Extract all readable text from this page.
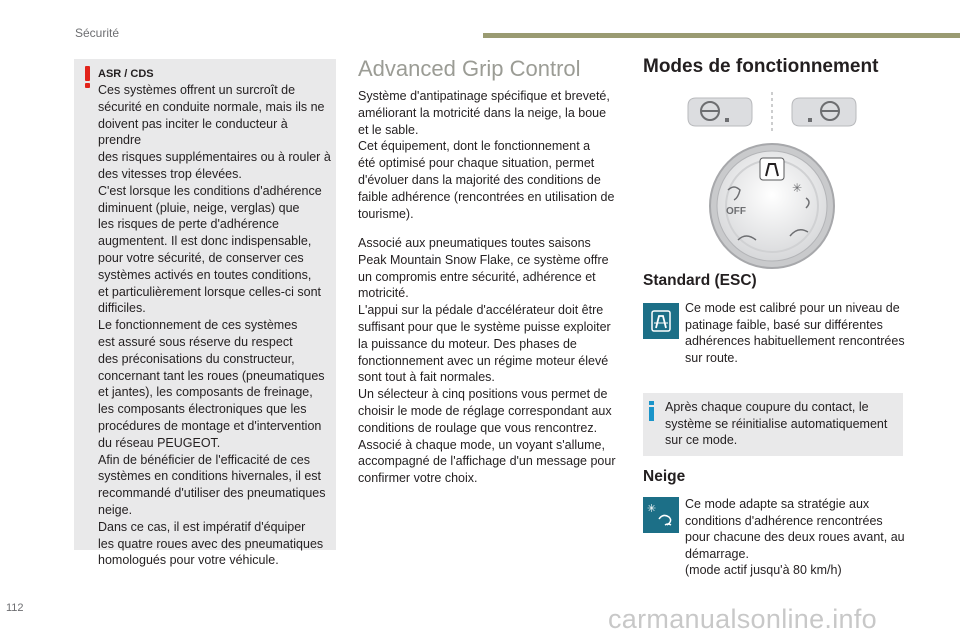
Sécurité
ASR / CDS
Ces systèmes offrent un surcroît de
sécurité en conduite normale, mais ils ne
doivent pas inciter le conducteur à prendre
des risques supplémentaires ou à rouler à
des vitesses trop élevées.
C'est lorsque les conditions d'adhérence
diminuent (pluie, neige, verglas) que
les risques de perte d'adhérence
augmentent. Il est donc indispensable,
pour votre sécurité, de conserver ces
systèmes activés en toutes conditions,
et particulièrement lorsque celles-ci sont
difficiles.
Le fonctionnement de ces systèmes
est assuré sous réserve du respect
des préconisations du constructeur,
concernant tant les roues (pneumatiques
et jantes), les composants de freinage,
les composants électroniques que les
procédures de montage et d'intervention
du réseau PEUGEOT.
Afin de bénéficier de l'efficacité de ces
systèmes en conditions hivernales, il est
recommandé d'utiliser des pneumatiques
neige.
Dans ce cas, il est impératif d'équiper
les quatre roues avec des pneumatiques
homologués pour votre véhicule.
Advanced Grip Control
Système d'antipatinage spécifique et breveté,
améliorant la motricité dans la neige, la boue
et le sable.
Cet équipement, dont le fonctionnement a
été optimisé pour chaque situation, permet
d'évoluer dans la majorité des conditions de
faible adhérence (rencontrées en utilisation de
tourisme).
Associé aux pneumatiques toutes saisons
Peak Mountain Snow Flake, ce système offre
un compromis entre sécurité, adhérence et
motricité.
L'appui sur la pédale d'accélérateur doit être
suffisant pour que le système puisse exploiter
la puissance du moteur. Des phases de
fonctionnement avec un régime moteur élevé
sont tout à fait normales.
Un sélecteur à cinq positions vous permet de
choisir le mode de réglage correspondant aux
conditions de roulage que vous rencontrez.
Associé à chaque mode, un voyant s'allume,
accompagné de l'affichage d'un message pour
confirmer votre choix.
Modes de fonctionnement
OFF
✳
Standard (ESC)
Ce mode est calibré pour un niveau de
patinage faible, basé sur différentes
adhérences habituellement rencontrées
sur route.
Après chaque coupure du contact, le
système se réinitialise automatiquement
sur ce mode.
Neige
✳ Ce mode adapte sa stratégie aux
conditions d'adhérence rencontrées
pour chacune des deux roues avant, au
démarrage.
(mode actif jusqu'à 80 km/h)
112	carmanualsonline.info
